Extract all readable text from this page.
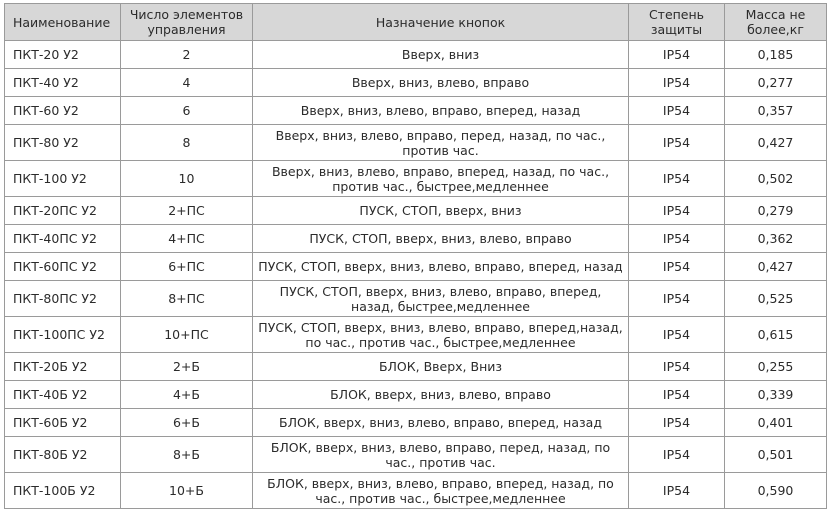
Наименование	Число элементов управления	Назначение кнопок	Степень защиты	Масса не более,кг
ПКТ-20 У2	2	Вверх, вниз	IP54	0,185
ПКТ-40 У2	4	Вверх, вниз, влево, вправо	IP54	0,277
ПКТ-60 У2	6	Вверх, вниз, влево, вправо, вперед, назад	IP54	0,357
ПКТ-80 У2	8	Вверх, вниз, влево, вправо, перед, назад, по час., против час.	IP54	0,427
ПКТ-100 У2	10	Вверх, вниз, влево, вправо, вперед, назад, по час., против час., быстрее,медленнее	IP54	0,502
ПКТ-20ПС У2	2+ПС	ПУСК, СТОП, вверх, вниз	IP54	0,279
ПКТ-40ПС У2	4+ПС	ПУСК, СТОП, вверх, вниз, влево, вправо	IP54	0,362
ПКТ-60ПС У2	6+ПС	ПУСК, СТОП, вверх, вниз, влево, вправо, вперед, назад	IP54	0,427
ПКТ-80ПС У2	8+ПС	ПУСК, СТОП, вверх, вниз, влево, вправо, вперед, назад, быстрее,медленнее	IP54	0,525
ПКТ-100ПС У2	10+ПС	ПУСК, СТОП, вверх, вниз, влево, вправо, вперед,назад, по час., против час., быстрее,медленнее	IP54	0,615
ПКТ-20Б У2	2+Б	БЛОК, Вверх, Вниз	IP54	0,255
ПКТ-40Б У2	4+Б	БЛОК, вверх, вниз, влево, вправо	IP54	0,339
ПКТ-60Б У2	6+Б	БЛОК, вверх, вниз, влево, вправо, вперед, назад	IP54	0,401
ПКТ-80Б У2	8+Б	БЛОК, вверх, вниз, влево, вправо, перед, назад, по час., против час.	IP54	0,501
ПКТ-100Б У2	10+Б	БЛОК, вверх, вниз, влево, вправо, вперед, назад, по час., против час., быстрее,медленнее	IP54	0,590
